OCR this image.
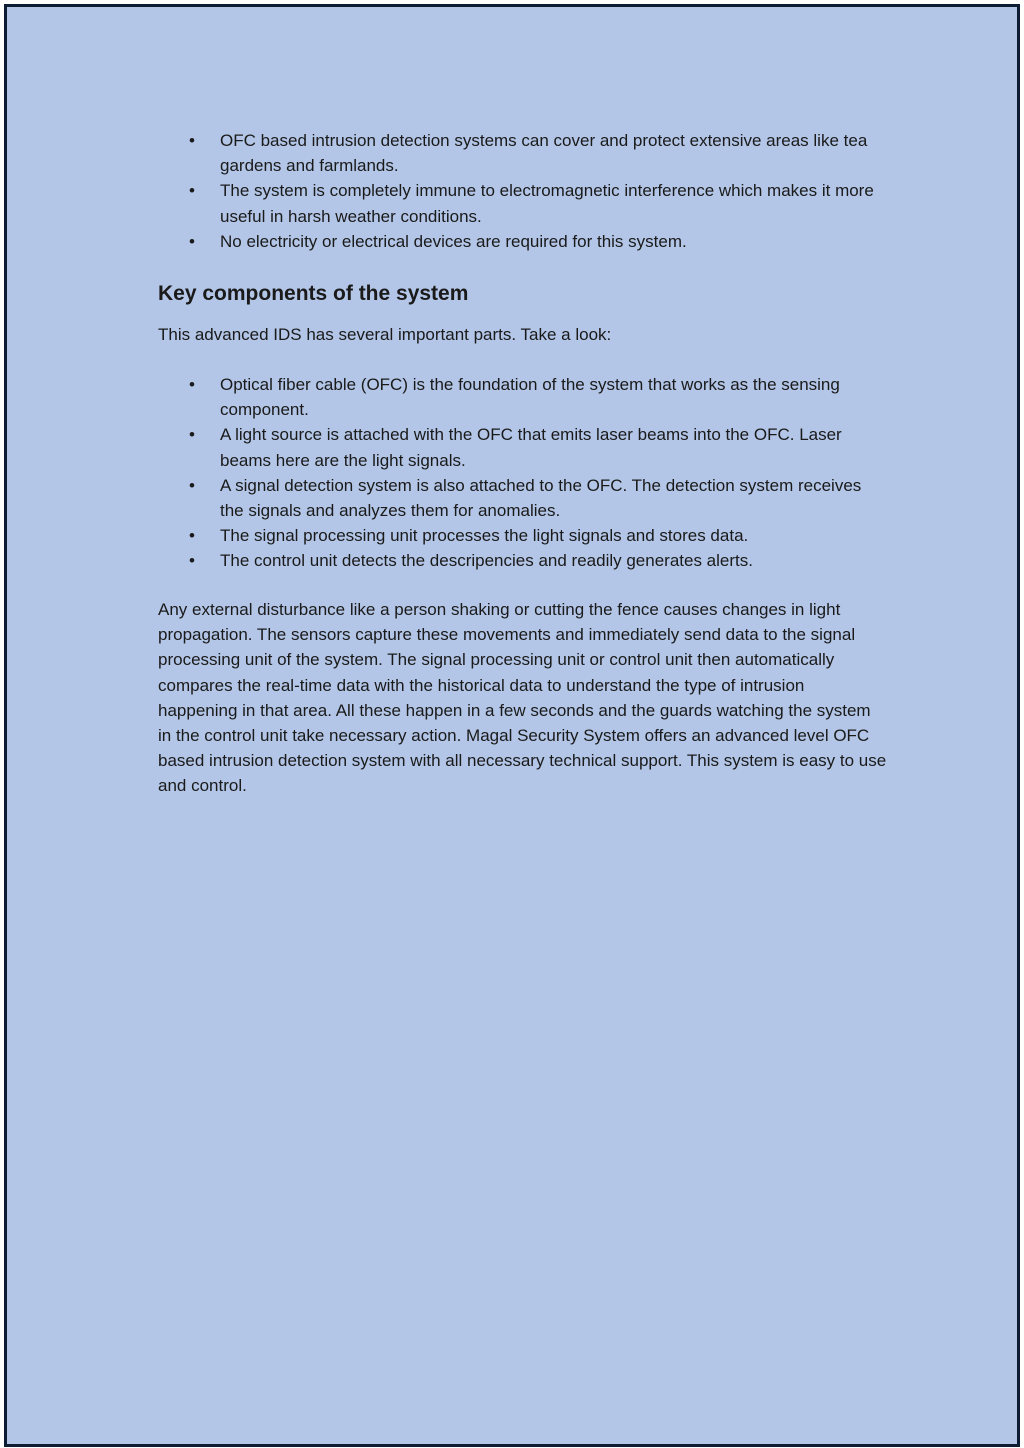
• OFC based intrusion detection systems can cover and protect extensive areas like tea gardens and farmlands.
• The system is completely immune to electromagnetic interference which makes it more useful in harsh weather conditions.
• No electricity or electrical devices are required for this system.
Key components of the system

This advanced IDS has several important parts. Take a look:

• Optical fiber cable (OFC) is the foundation of the system that works as the sensing component.
• A light source is attached with the OFC that emits laser beams into the OFC. Laser beams here are the light signals.
• A signal detection system is also attached to the OFC. The detection system receives the signals and analyzes them for anomalies.
• The signal processing unit processes the light signals and stores data.
• The control unit detects the descripencies and readily generates alerts.

Any external disturbance like a person shaking or cutting the fence causes changes in light propagation. The sensors capture these movements and immediately send data to the signal processing unit of the system. The signal processing unit or control unit then automatically compares the real-time data with the historical data to understand the type of intrusion happening in that area. All these happen in a few seconds and the guards watching the system in the control unit take necessary action. Magal Security System offers an advanced level OFC based intrusion detection system with all necessary technical support. This system is easy to use and control.
